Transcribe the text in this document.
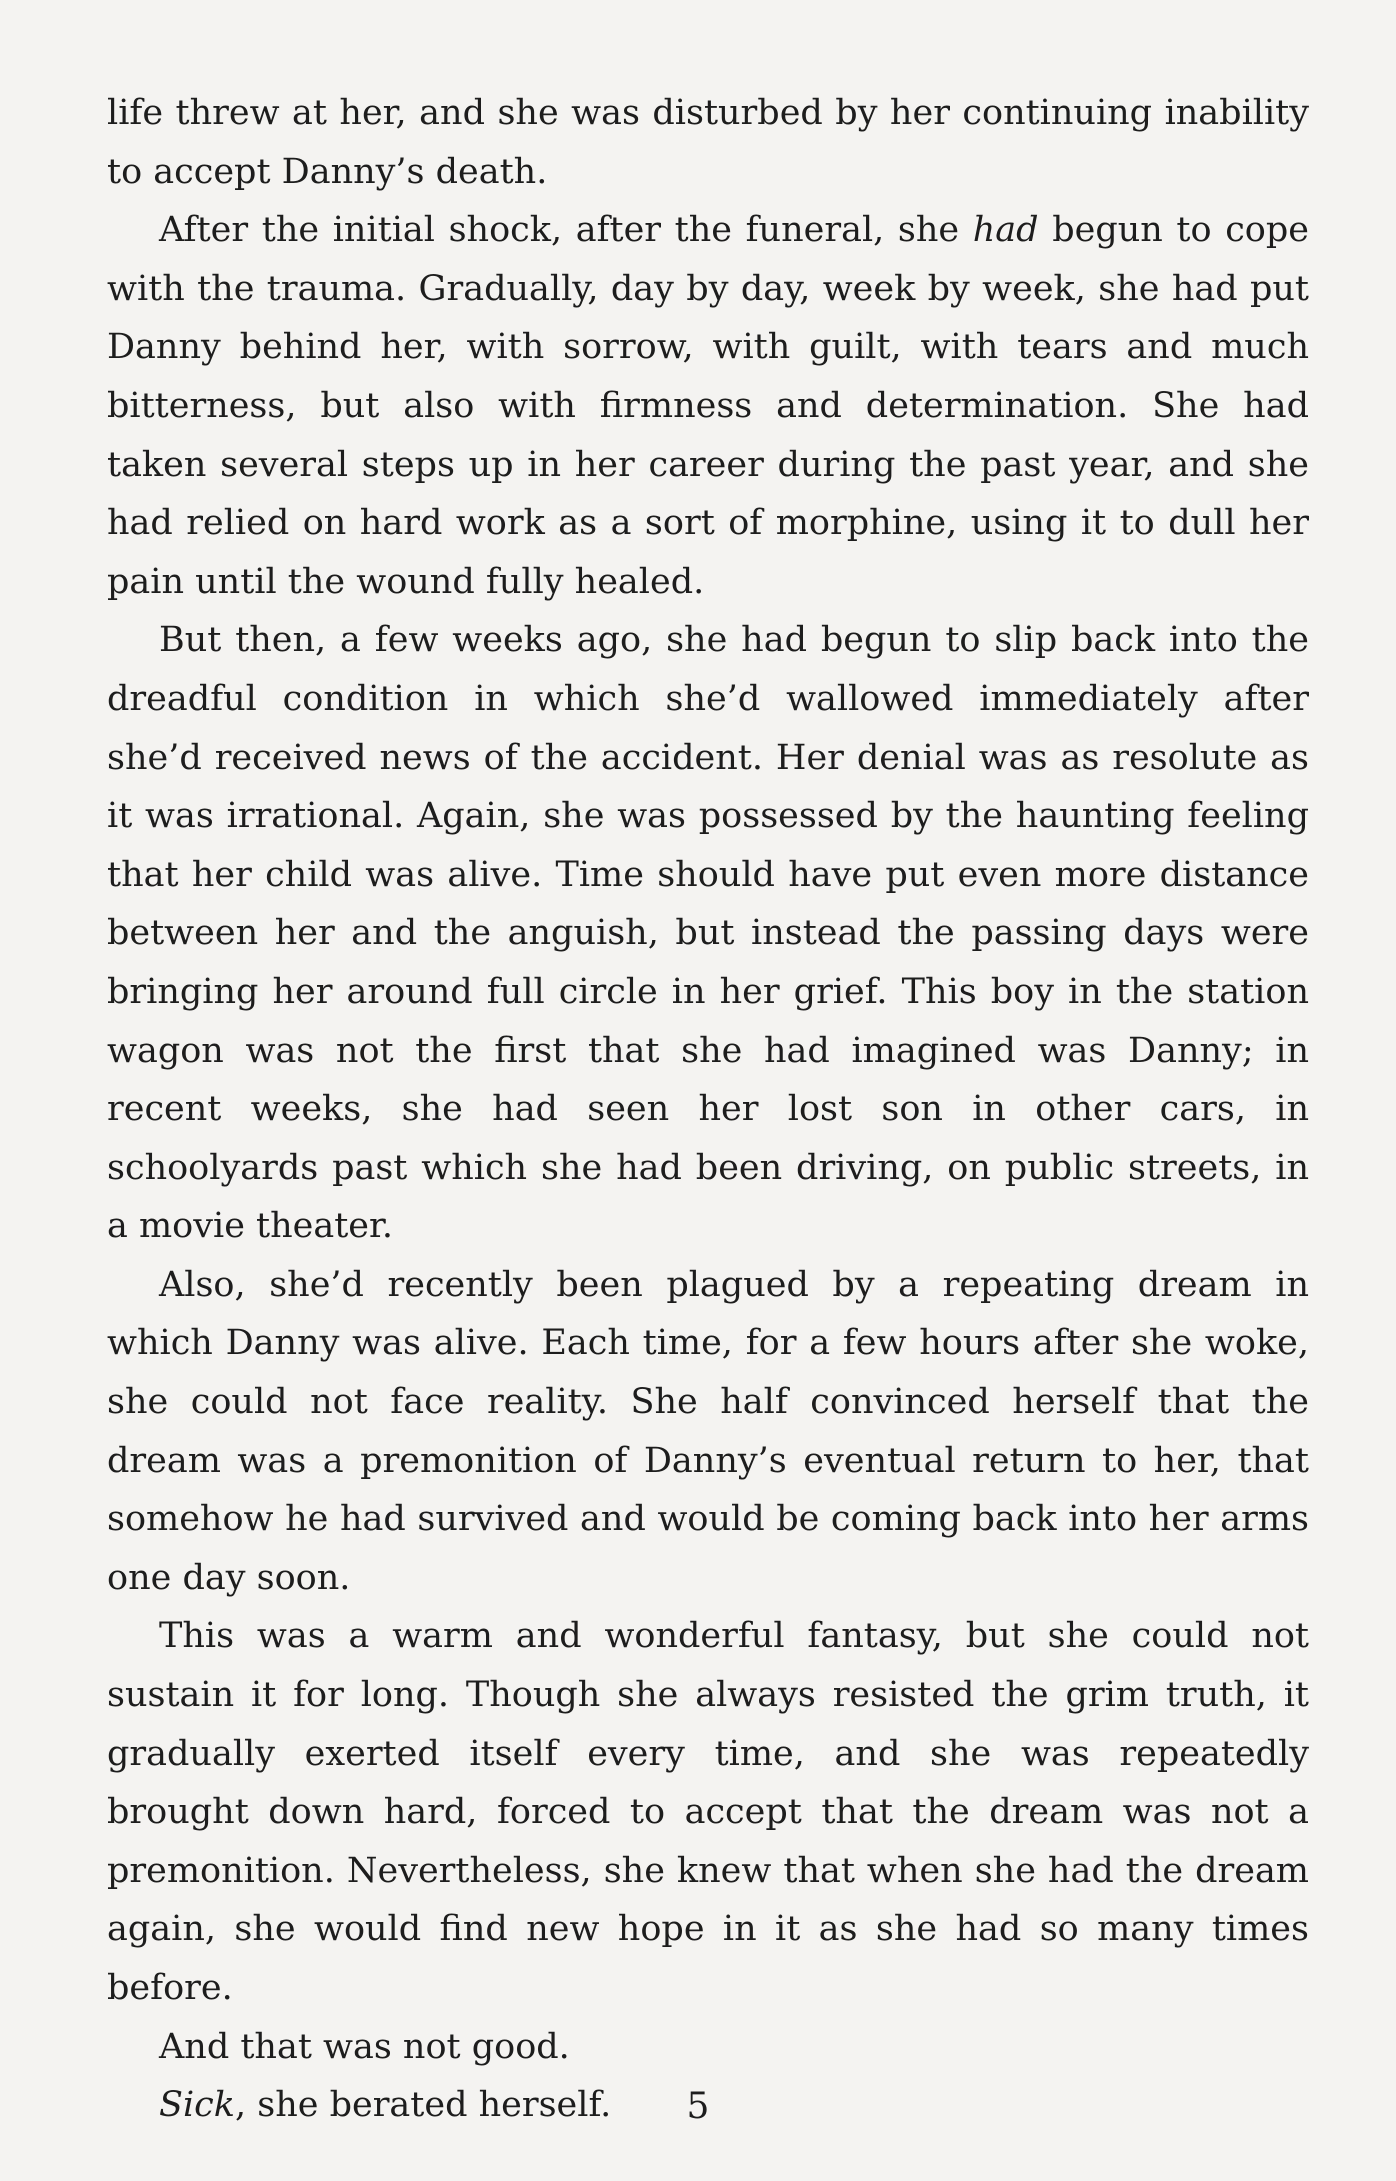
life threw at her, and she was disturbed by her continuing inability to accept Danny’s death.

After the initial shock, after the funeral, she had begun to cope with the trauma. Gradually, day by day, week by week, she had put Danny behind her, with sorrow, with guilt, with tears and much bitterness, but also with firmness and determination. She had taken several steps up in her career during the past year, and she had relied on hard work as a sort of morphine, using it to dull her pain until the wound fully healed.

But then, a few weeks ago, she had begun to slip back into the dreadful condition in which she’d wallowed immediately after she’d received news of the accident. Her denial was as resolute as it was irrational. Again, she was possessed by the haunting feeling that her child was alive. Time should have put even more distance between her and the anguish, but instead the passing days were bringing her around full circle in her grief. This boy in the station wagon was not the first that she had imagined was Danny; in recent weeks, she had seen her lost son in other cars, in schoolyards past which she had been driving, on public streets, in a movie theater.

Also, she’d recently been plagued by a repeating dream in which Danny was alive. Each time, for a few hours after she woke, she could not face reality. She half convinced herself that the dream was a premonition of Danny’s eventual return to her, that somehow he had survived and would be coming back into her arms one day soon.

This was a warm and wonderful fantasy, but she could not sustain it for long. Though she always resisted the grim truth, it gradually exerted itself every time, and she was repeatedly brought down hard, forced to accept that the dream was not a premonition. Nevertheless, she knew that when she had the dream again, she would find new hope in it as she had so many times before.

And that was not good.

Sick, she berated herself.	5
